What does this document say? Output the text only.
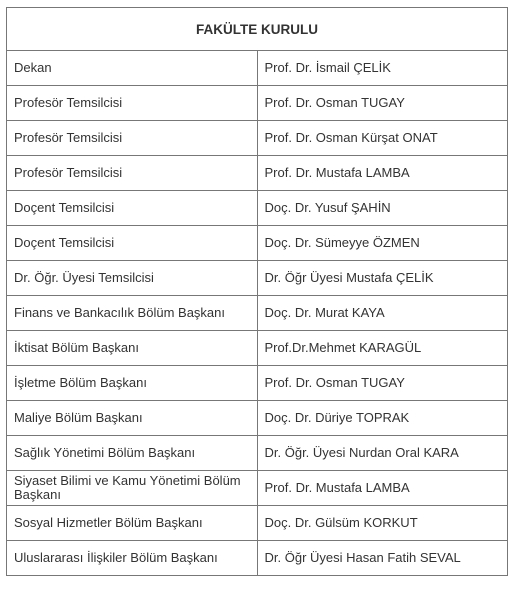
FAKÜLTE KURULU	
Dekan	Prof. Dr. İsmail ÇELİK
Profesör Temsilcisi	Prof. Dr. Osman TUGAY
Profesör Temsilcisi	Prof. Dr. Osman Kürşat ONAT
Profesör Temsilcisi	Prof. Dr. Mustafa LAMBA
Doçent Temsilcisi	Doç. Dr. Yusuf ŞAHİN
Doçent Temsilcisi	Doç. Dr. Sümeyye ÖZMEN
Dr. Öğr. Üyesi Temsilcisi	Dr. Öğr Üyesi Mustafa ÇELİK
Finans ve Bankacılık Bölüm Başkanı	Doç. Dr. Murat KAYA
İktisat Bölüm Başkanı	Prof.Dr.Mehmet KARAGÜL
İşletme Bölüm Başkanı	Prof. Dr. Osman TUGAY
Maliye Bölüm Başkanı	Doç. Dr. Düriye TOPRAK
Sağlık Yönetimi Bölüm Başkanı	Dr. Öğr. Üyesi Nurdan Oral KARA
Siyaset Bilimi ve Kamu Yönetimi Bölüm Başkanı	Prof. Dr. Mustafa LAMBA
Sosyal Hizmetler Bölüm Başkanı	Doç. Dr. Gülsüm KORKUT
Uluslararası İlişkiler Bölüm Başkanı	Dr. Öğr Üyesi Hasan Fatih SEVAL
